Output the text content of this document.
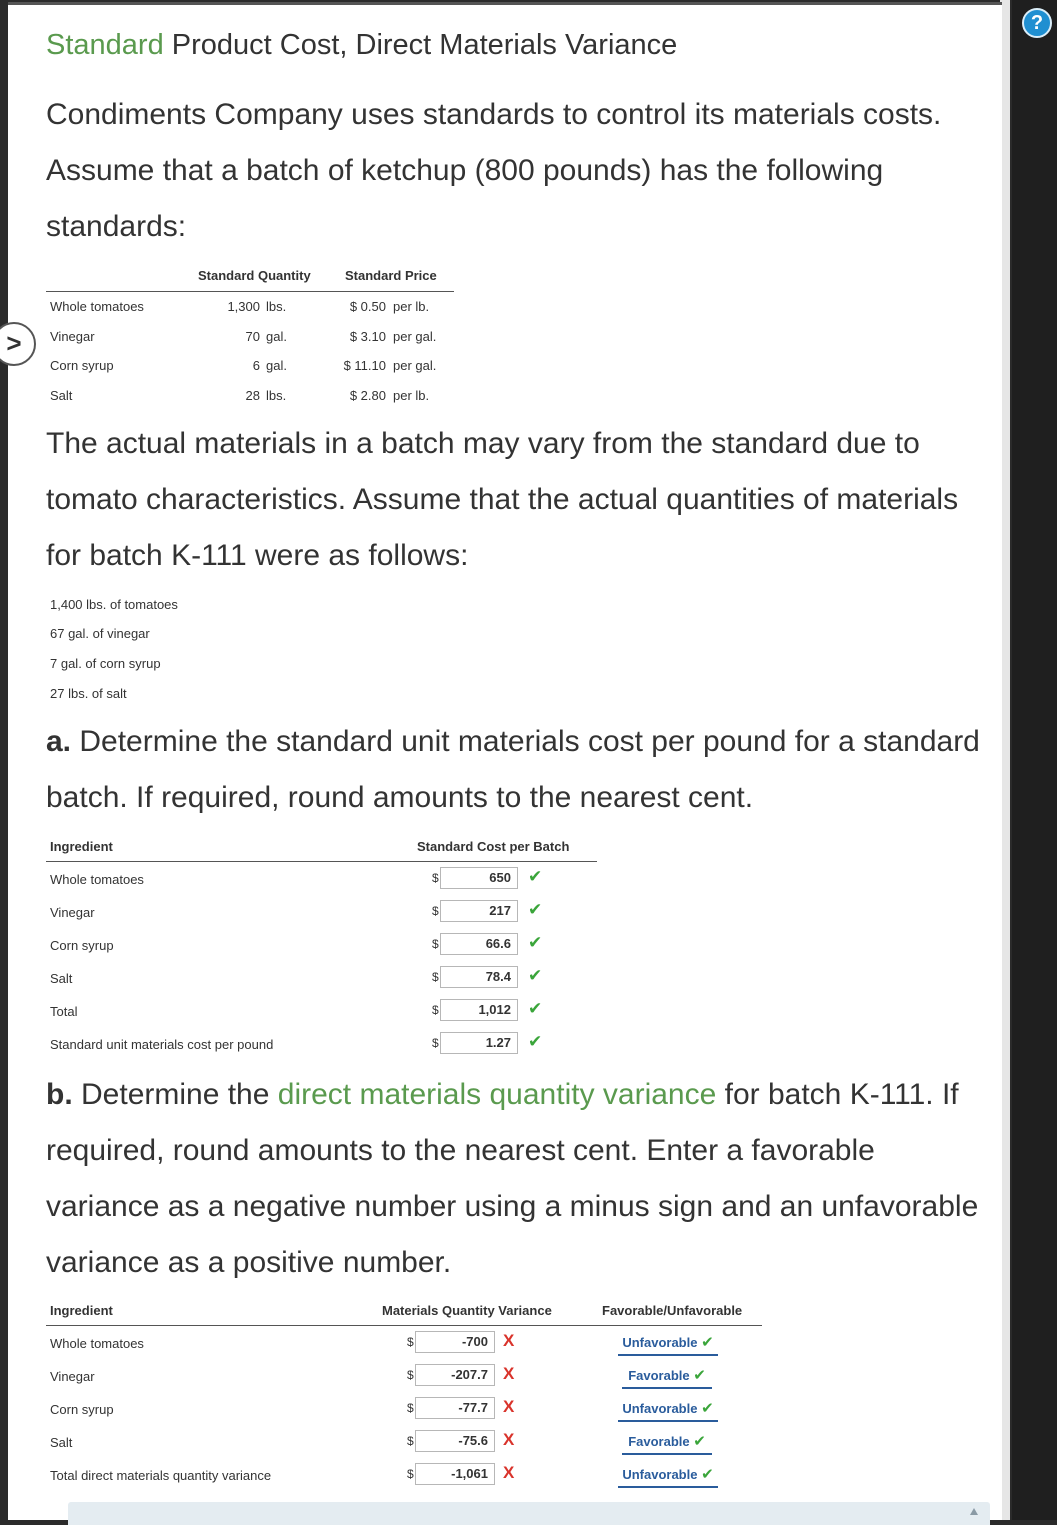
?
Standard Product Cost, Direct Materials Variance
Condiments Company uses standards to control its materials costs. Assume that a batch of ketchup (800 pounds) has the following standards:
Standard Quantity	Standard Price
Whole tomatoes	1,300 lbs.	$ 0.50 per lb.
Vinegar	70 gal.	$ 3.10 per gal.
Corn syrup	6 gal.	$ 11.10 per gal.
Salt	28 lbs.	$ 2.80 per lb.
The actual materials in a batch may vary from the standard due to tomato characteristics. Assume that the actual quantities of materials for batch K-111 were as follows:
1,400 lbs. of tomatoes
67 gal. of vinegar
7 gal. of corn syrup
27 lbs. of salt
a. Determine the standard unit materials cost per pound for a standard batch. If required, round amounts to the nearest cent.
Ingredient	Standard Cost per Batch
Whole tomatoes	$	650	✔
Vinegar	$	217	✔
Corn syrup	$	66.6	✔
Salt	$	78.4	✔
Total	$	1,012	✔
Standard unit materials cost per pound	$	1.27	✔
b. Determine the direct materials quantity variance for batch K-111. If required, round amounts to the nearest cent. Enter a favorable variance as a negative number using a minus sign and an unfavorable variance as a positive number.
Ingredient	Materials Quantity Variance	Favorable/Unfavorable
Whole tomatoes	$	-700 X	Unfavorable ✔
Vinegar	$	-207.7 X	Favorable ✔
Corn syrup	$	-77.7 X	Unfavorable ✔
Salt	$	-75.6 X	Favorable ✔
Total direct materials quantity variance	$	-1,061 X	Unfavorable ✔
>
